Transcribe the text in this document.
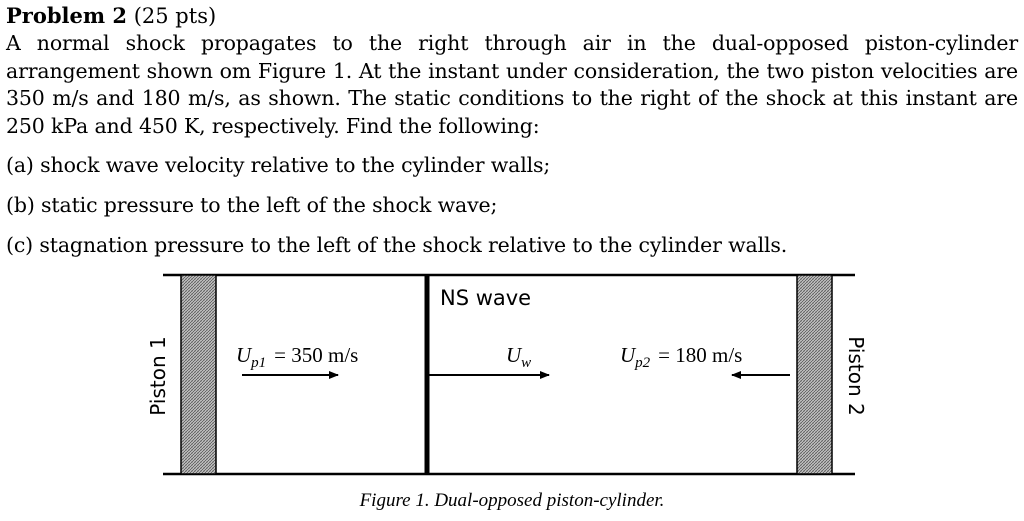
Problem 2 (25 pts)

A normal shock propagates to the right through air in the dual-opposed piston-cylinder arrangement shown om Figure 1. At the instant under consideration, the two piston velocities are 350 m/s and 180 m/s, as shown. The static conditions to the right of the shock at this instant are 250 kPa and 450 K, respectively. Find the following:

(a) shock wave velocity relative to the cylinder walls;
(b) static pressure to the left of the shock wave;
(c) stagnation pressure to the left of the shock relative to the cylinder walls.
Piston 1	Piston 2
NS wave
$U_{p1} = 350$ m/s	$U_w$	$U_{p2} = 180$ m/s
Figure 1. Dual-opposed piston-cylinder.
